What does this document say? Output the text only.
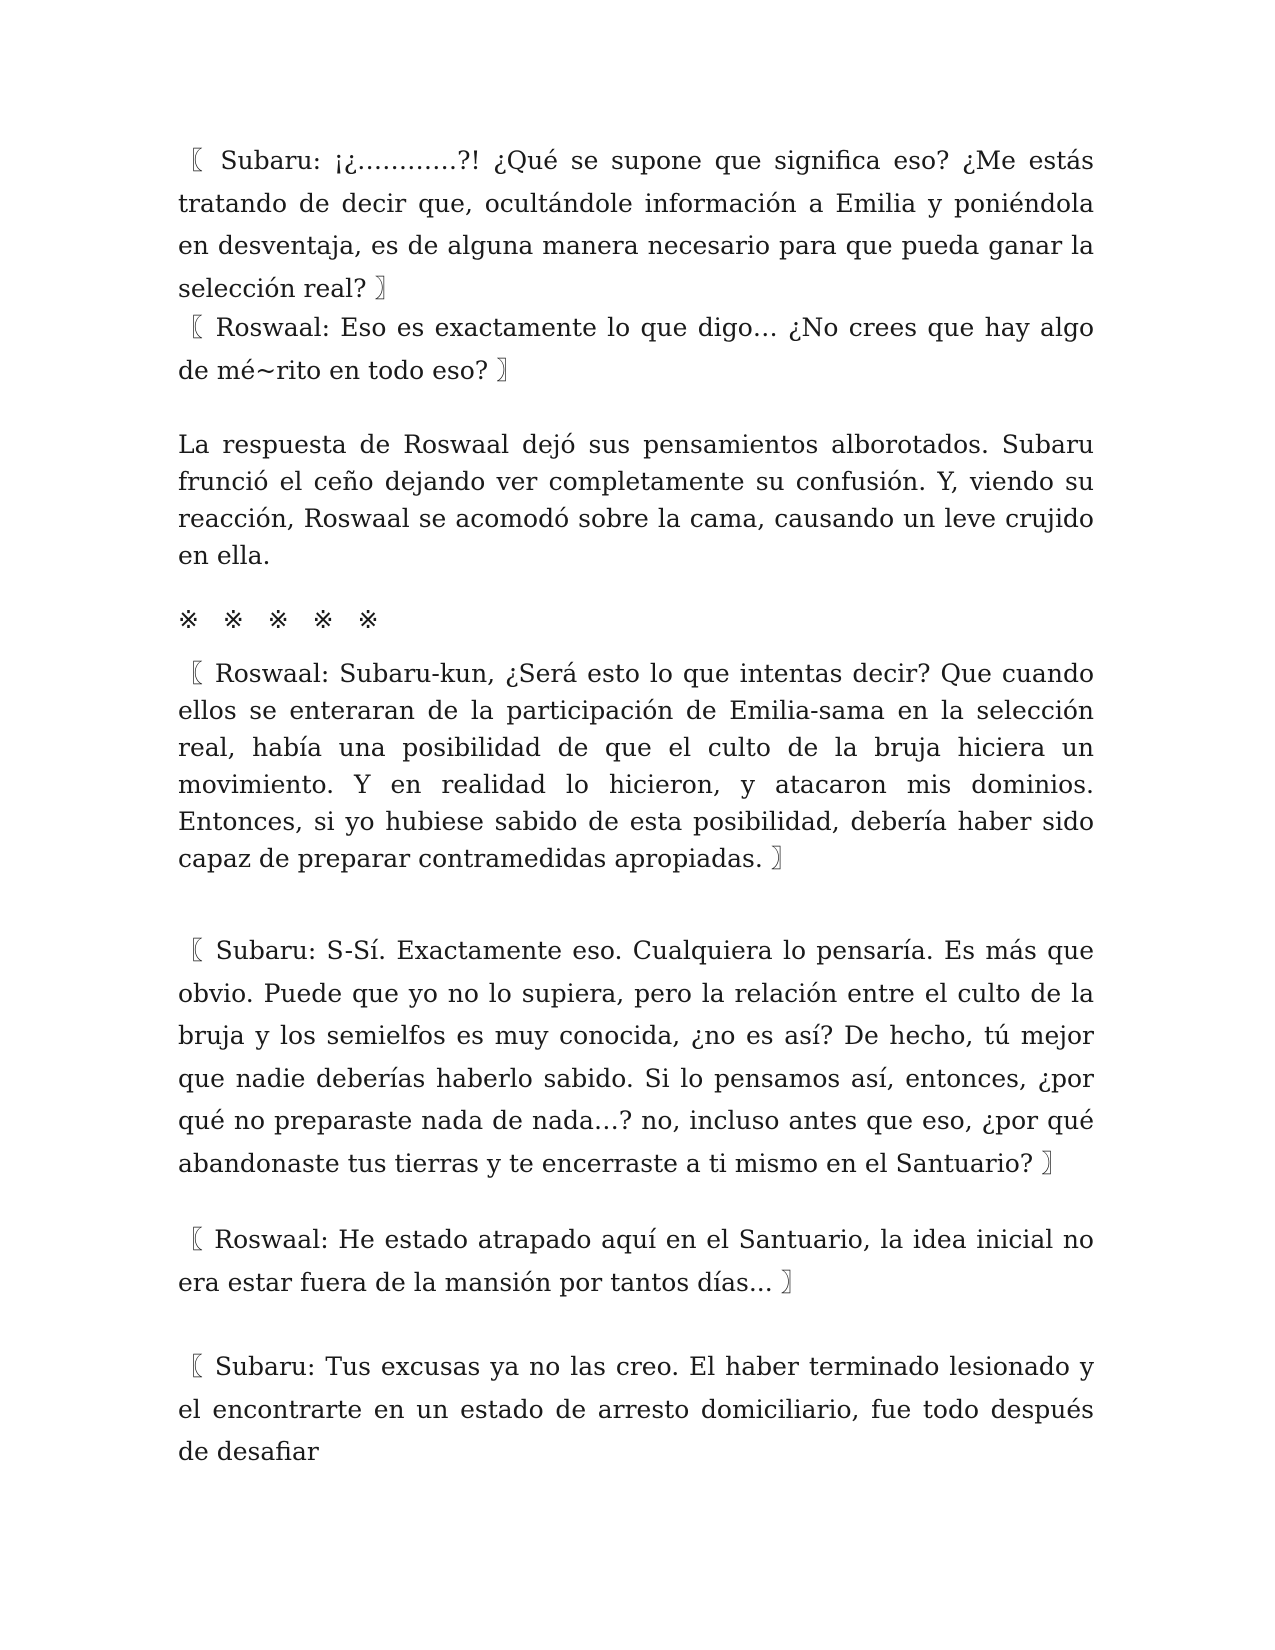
〖 Subaru: ¡¿…………?! ¿Qué se supone que significa eso? ¿Me estás tratando de decir que, ocultándole información a Emilia y poniéndola en desventaja, es de alguna manera necesario para que pueda ganar la selección real? 〗

〖 Roswaal: Eso es exactamente lo que digo… ¿No crees que hay algo de mé~rito en todo eso? 〗

La respuesta de Roswaal dejó sus pensamientos alborotados. Subaru frunció el ceño dejando ver completamente su confusión. Y, viendo su reacción, Roswaal se acomodó sobre la cama, causando un leve crujido en ella.

※ ※ ※ ※ ※

〖 Roswaal: Subaru-kun, ¿Será esto lo que intentas decir? Que cuando ellos se enteraran de la participación de Emilia-sama en la selección real, había una posibilidad de que el culto de la bruja hiciera un movimiento. Y en realidad lo hicieron, y atacaron mis dominios. Entonces, si yo hubiese sabido de esta posibilidad, debería haber sido capaz de preparar contramedidas apropiadas. 〗

〖 Subaru: S-Sí. Exactamente eso. Cualquiera lo pensaría. Es más que obvio. Puede que yo no lo supiera, pero la relación entre el culto de la bruja y los semielfos es muy conocida, ¿no es así? De hecho, tú mejor que nadie deberías haberlo sabido. Si lo pensamos así, entonces, ¿por qué no preparaste nada de nada…? no, incluso antes que eso, ¿por qué abandonaste tus tierras y te encerraste a ti mismo en el Santuario? 〗

〖 Roswaal: He estado atrapado aquí en el Santuario, la idea inicial no era estar fuera de la mansión por tantos días... 〗

〖 Subaru: Tus excusas ya no las creo. El haber terminado lesionado y el encontrarte en un estado de arresto domiciliario, fue todo después de desafiar
